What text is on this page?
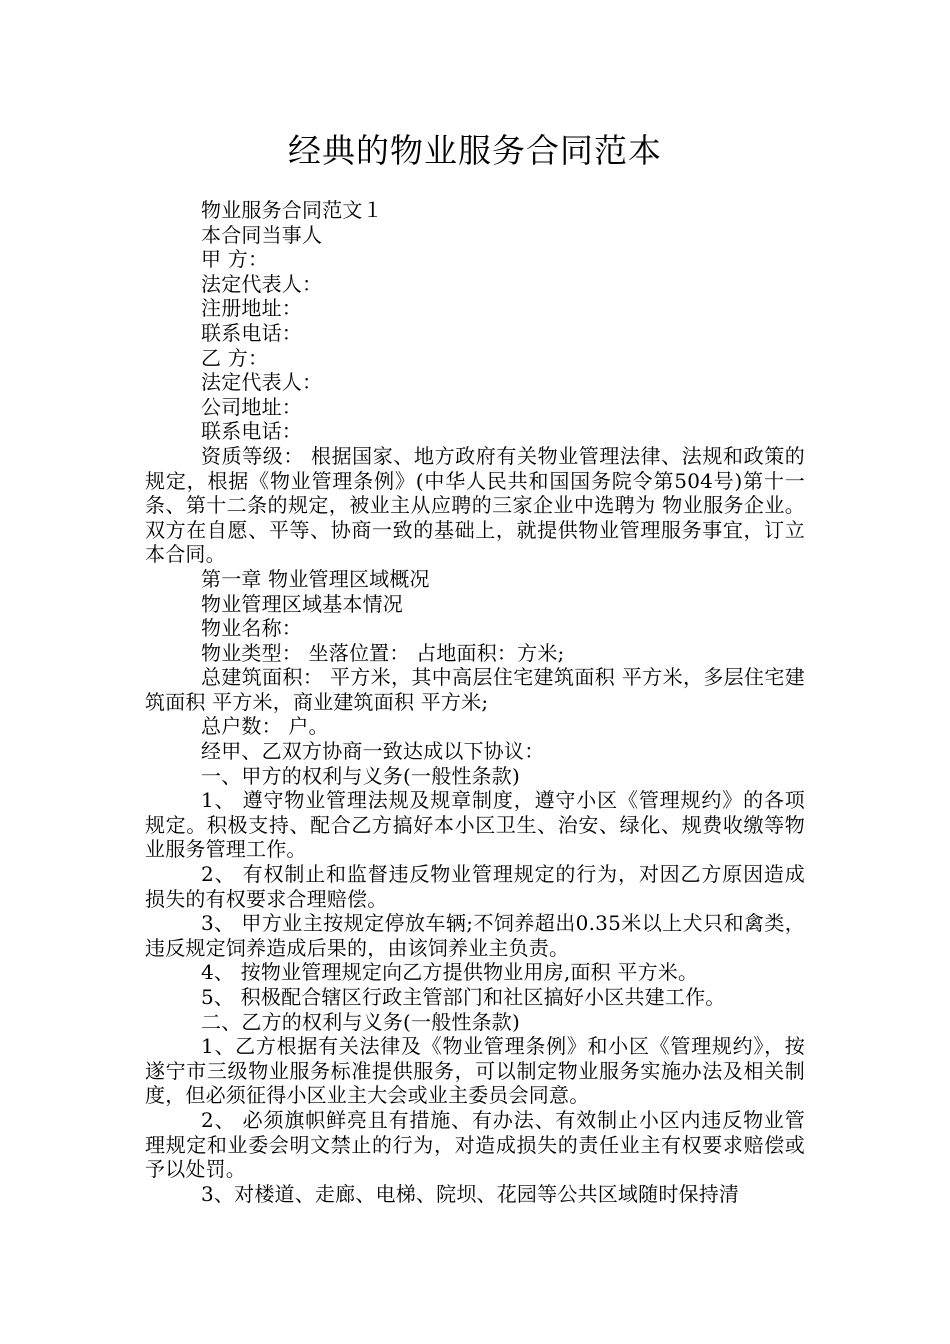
经典的物业服务合同范本

物业服务合同范文１

本合同当事人

甲 方：

法定代表人：

注册地址：

联系电话：

乙 方：

法定代表人：

公司地址：

联系电话：

资质等级： 根据国家、地方政府有关物业管理法律、法规和政策的规定，根据《物业管理条例》(中华人民共和国国务院令第504号)第十一条、第十二条的规定，被业主从应聘的三家企业中选聘为 物业服务企业。双方在自愿、平等、协商一致的基础上，就提供物业管理服务事宜，订立本合同。

第一章 物业管理区域概况

物业管理区域基本情况

物业名称：

物业类型： 坐落位置： 占地面积：方米;

总建筑面积： 平方米，其中高层住宅建筑面积 平方米，多层住宅建筑面积 平方米，商业建筑面积 平方米;

总户数： 户。

经甲、乙双方协商一致达成以下协议：

一、甲方的权利与义务(一般性条款)

1、 遵守物业管理法规及规章制度，遵守小区《管理规约》的各项规定。积极支持、配合乙方搞好本小区卫生、治安、绿化、规费收缴等物业服务管理工作。

2、 有权制止和监督违反物业管理规定的行为，对因乙方原因造成损失的有权要求合理赔偿。

3、 甲方业主按规定停放车辆;不饲养超出0.35米以上犬只和禽类，违反规定饲养造成后果的，由该饲养业主负责。

4、 按物业管理规定向乙方提供物业用房,面积 平方米。

5、 积极配合辖区行政主管部门和社区搞好小区共建工作。

二、乙方的权利与义务(一般性条款)

1、乙方根据有关法律及《物业管理条例》和小区《管理规约》，按遂宁市三级物业服务标准提供服务，可以制定物业服务实施办法及相关制度，但必须征得小区业主大会或业主委员会同意。

2、 必须旗帜鲜亮且有措施、有办法、有效制止小区内违反物业管理规定和业委会明文禁止的行为，对造成损失的责任业主有权要求赔偿或予以处罚。

3、对楼道、走廊、电梯、院坝、花园等公共区域随时保持清
